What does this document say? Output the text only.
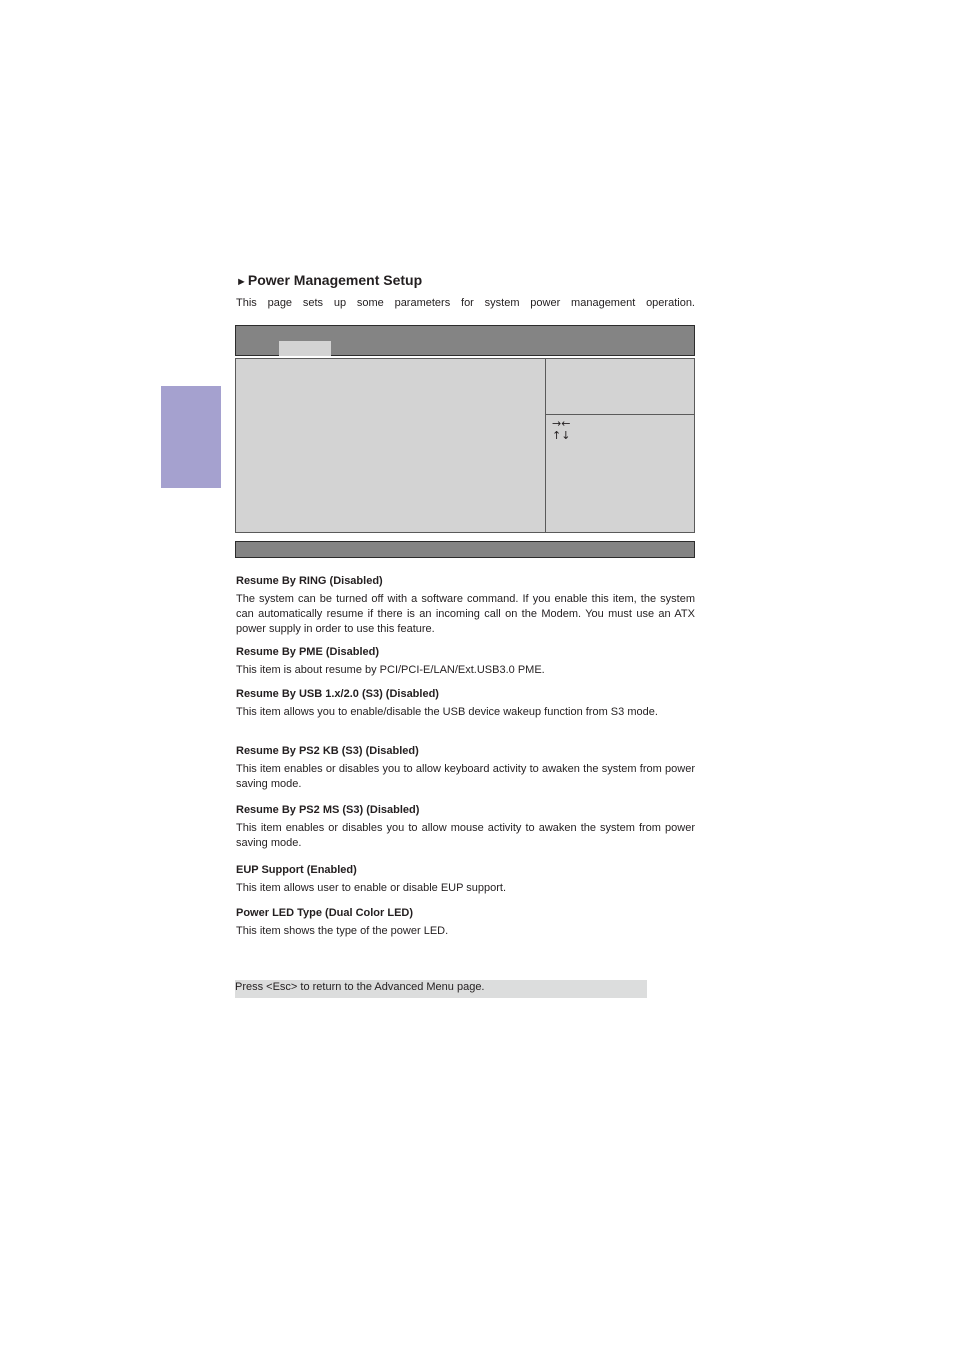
►Power Management Setup
This page sets up some parameters for system power management operation.
→←
↑↓
Resume By RING (Disabled)
The system can be turned off with a software command. If you enable this item, the system can automatically resume if there is an incoming call on the Modem. You must use an ATX power supply in order to use this feature.
Resume By PME (Disabled)
This item is about resume by PCI/PCI-E/LAN/Ext.USB3.0 PME.
Resume By USB 1.x/2.0 (S3) (Disabled)
This item allows you to enable/disable the USB device wakeup function from S3 mode.
Resume By PS2 KB (S3) (Disabled)
This item enables or disables you to allow keyboard activity to awaken the system from power saving mode.
Resume By PS2 MS (S3) (Disabled)
This item enables or disables you to allow mouse activity to awaken the system from power saving mode.
EUP Support (Enabled)
This item allows user to enable or disable EUP support.
Power LED Type (Dual Color LED)
This item shows the type of the power LED.
Press <Esc> to return to the Advanced Menu page.
